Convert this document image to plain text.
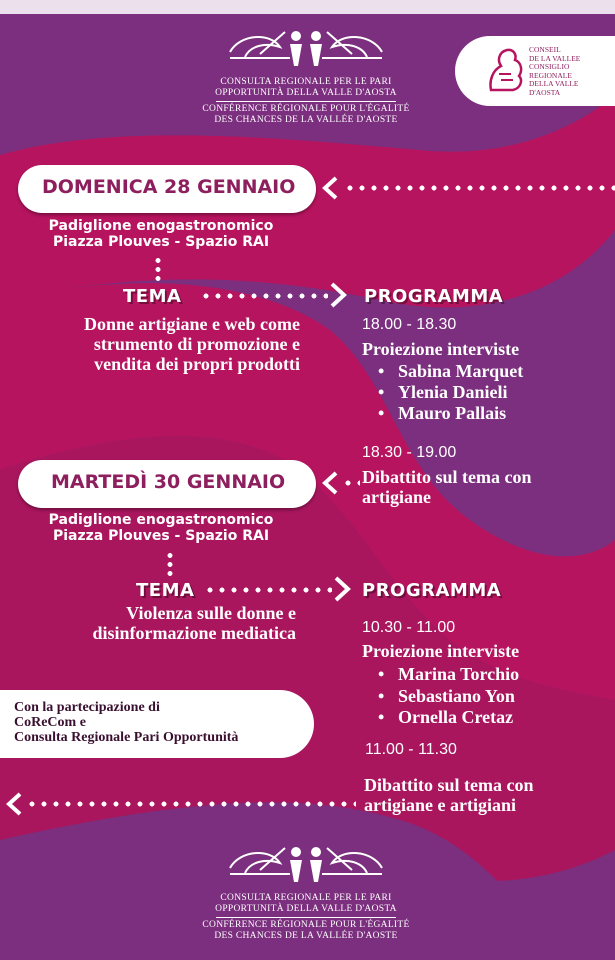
CONSULTA REGIONALE PER LE PARI
OPPORTUNITÀ DELLA VALLE D'AOSTA
CONFÉRENCE RÉGIONALE POUR L'ÉGALITÉ
DES CHANCES DE LA VALLÉE D'AOSTE
CONSEIL
DE LA VALLEE
CONSIGLIO
REGIONALE
DELLA VALLE
D'AOSTA
DOMENICA 28 GENNAIO
Padiglione enogastronomico
Piazza Plouves - Spazio RAI
TEMA	PROGRAMMA
Donne artigiane e web come
strumento di promozione e
vendita dei propri prodotti
18.00 - 18.30
Proiezione interviste
• Sabina Marquet
• Ylenia Danieli
• Mauro Pallais
18.30 - 19.00
Dibattito sul tema con
artigiane
MARTEDÌ 30 GENNAIO
Padiglione enogastronomico
Piazza Plouves - Spazio RAI
TEMA	PROGRAMMA
Violenza sulle donne e
disinformazione mediatica	10.30 - 11.00
Proiezione interviste
• Marina Torchio
• Sebastiano Yon
• Ornella Cretaz
Con la partecipazione di
CoReCom e
Consulta Regionale Pari Opportunità
11.00 - 11.30
Dibattito sul tema con
artigiane e artigiani
CONSULTA REGIONALE PER LE PARI
OPPORTUNITÀ DELLA VALLE D'AOSTA
CONFÉRENCE RÉGIONALE POUR L'ÉGALITÉ
DES CHANCES DE LA VALLÉE D'AOSTE
